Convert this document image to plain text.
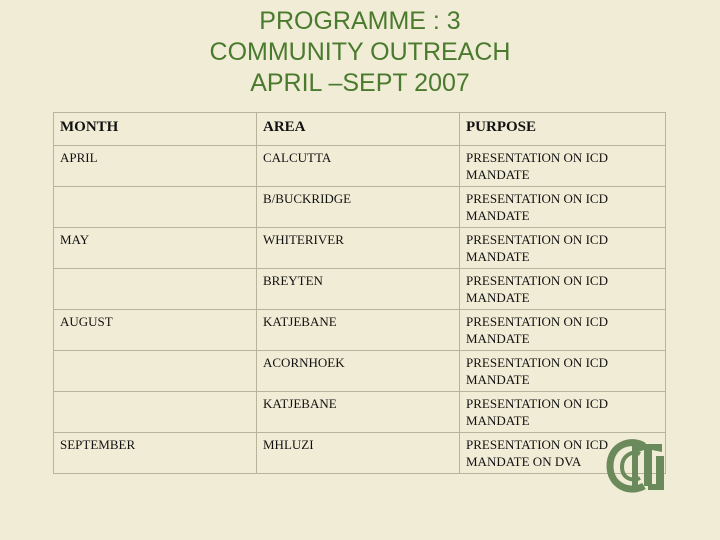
PROGRAMME : 3
COMMUNITY OUTREACH
APRIL –SEPT 2007
MONTH	AREA	PURPOSE
APRIL	CALCUTTA	PRESENTATION ON ICD MANDATE
	B/BUCKRIDGE	PRESENTATION ON ICD MANDATE
MAY	WHITERIVER	PRESENTATION ON ICD MANDATE
	BREYTEN	PRESENTATION ON ICD MANDATE
AUGUST	KATJEBANE	PRESENTATION ON ICD MANDATE
	ACORNHOEK	PRESENTATION ON ICD MANDATE
	KATJEBANE	PRESENTATION ON ICD MANDATE
SEPTEMBER	MHLUZI	PRESENTATION ON ICD MANDATE ON DVA
